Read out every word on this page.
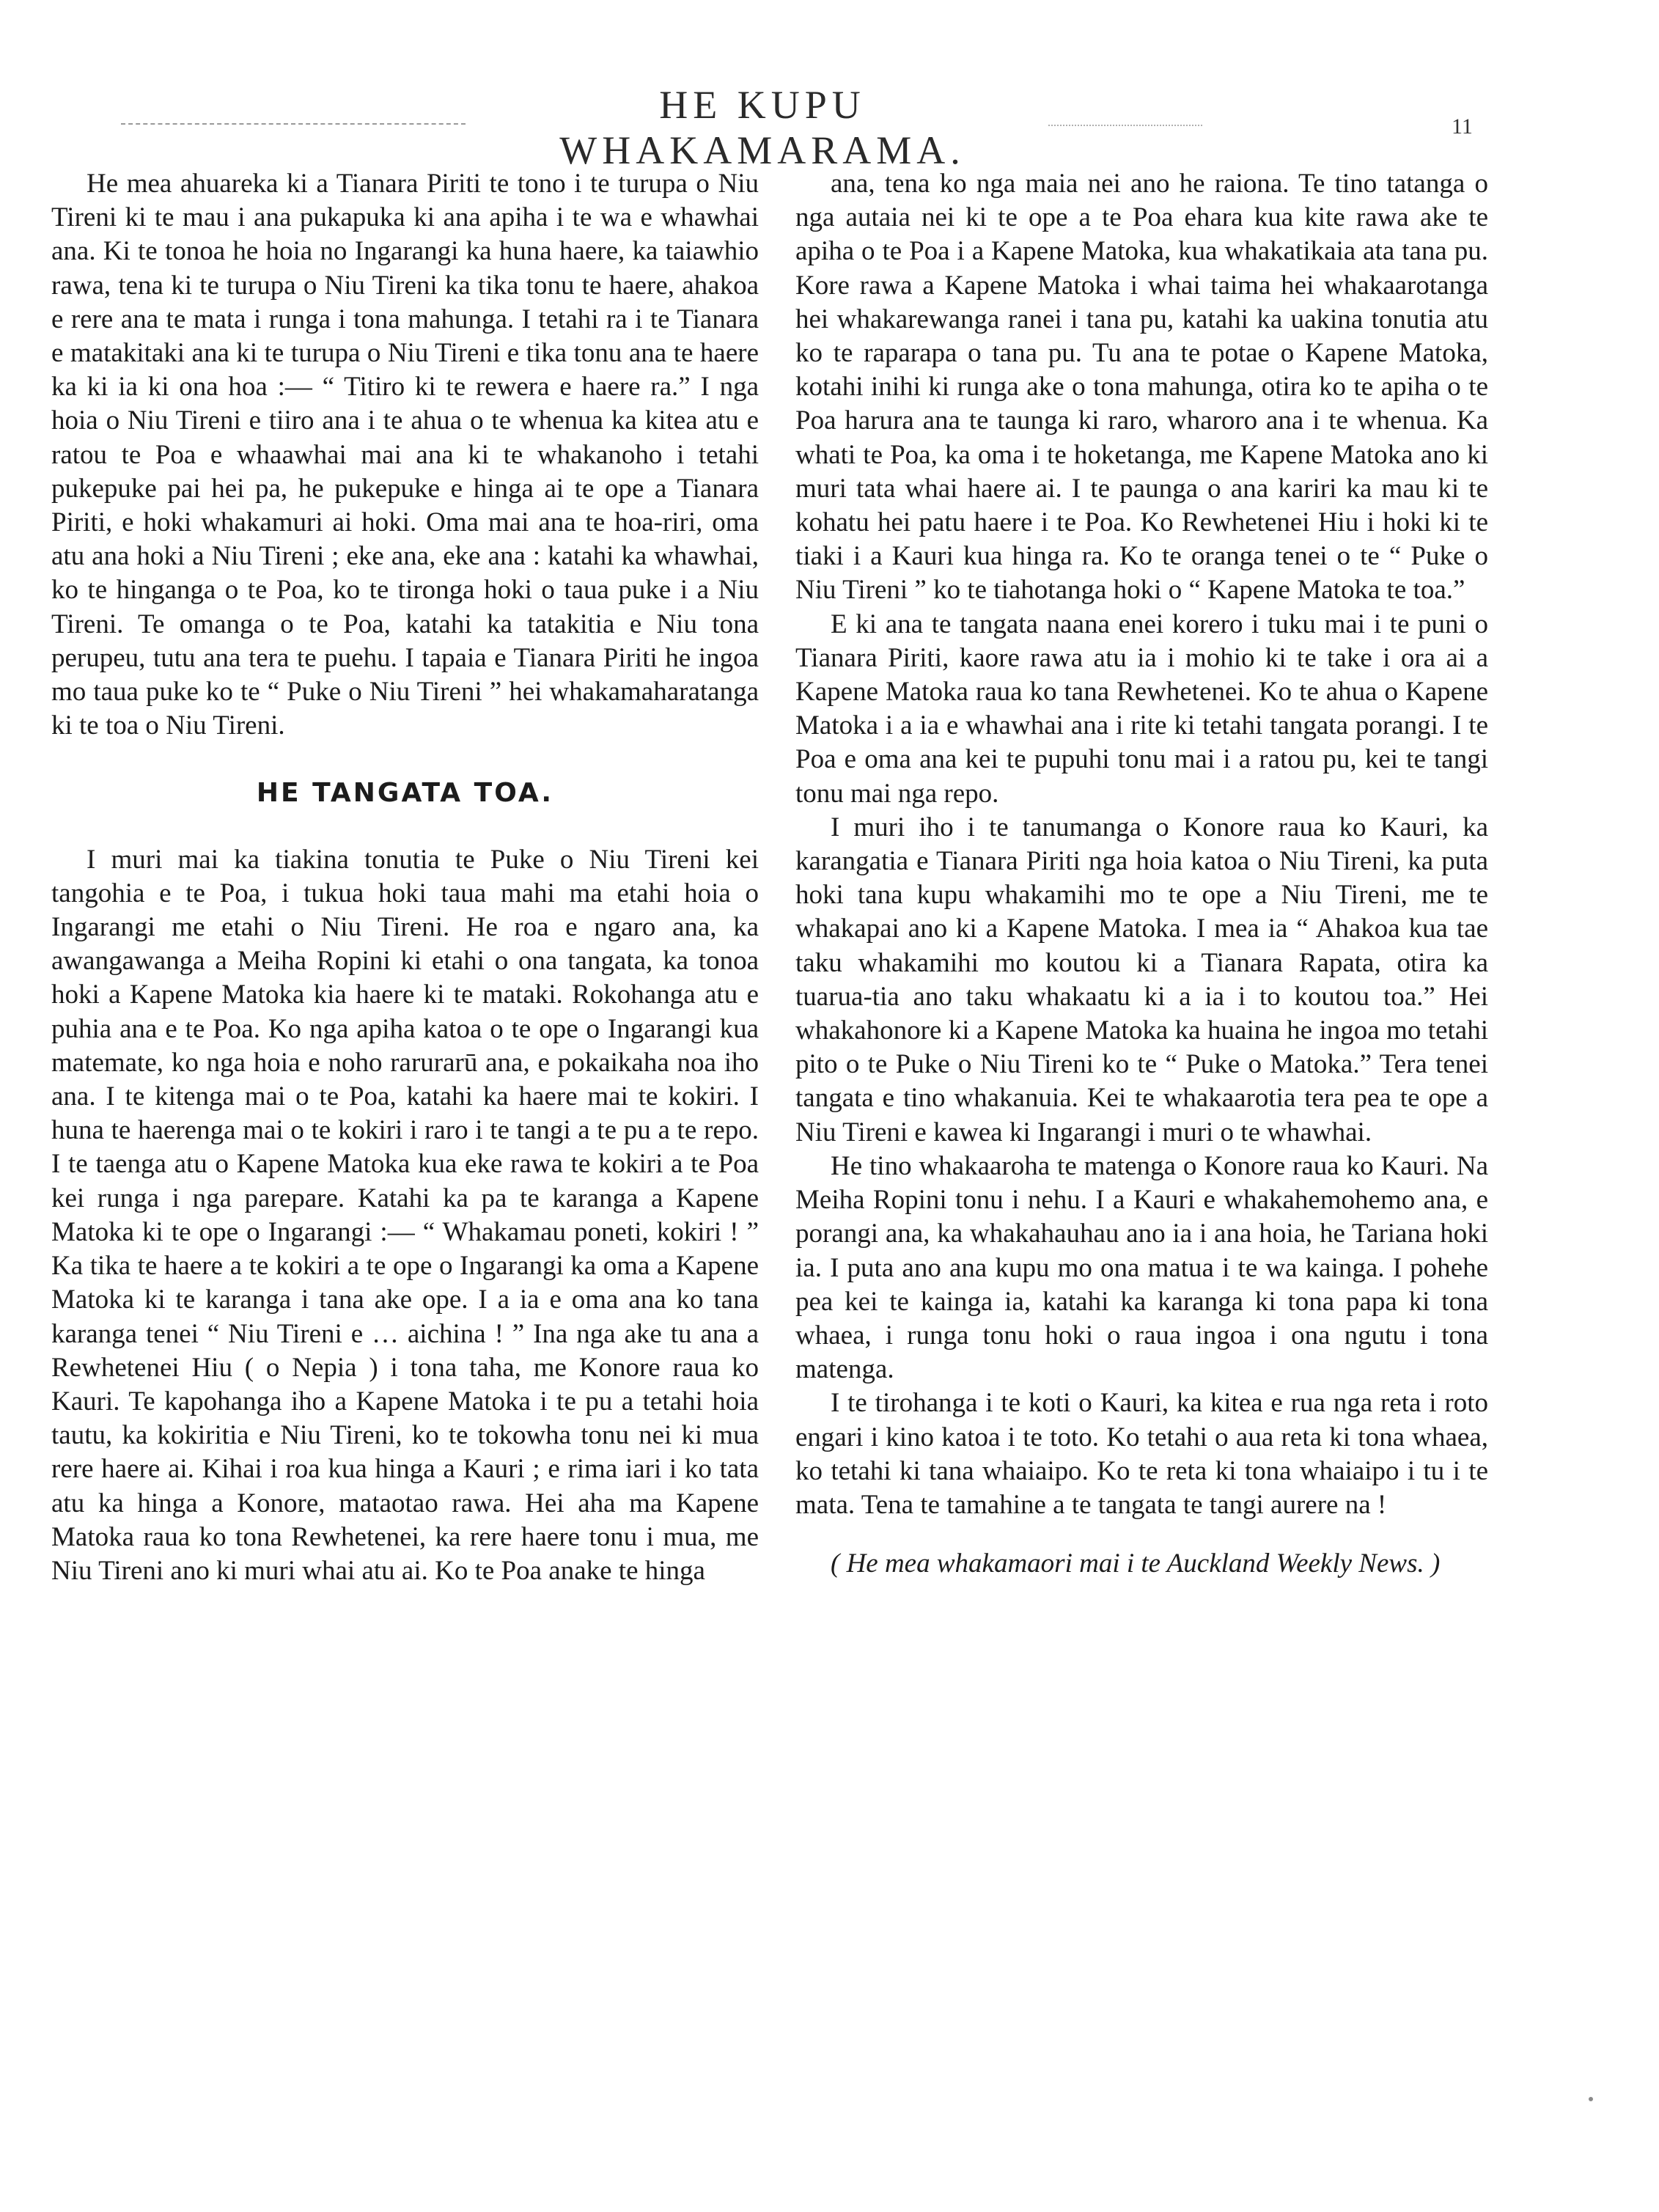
HE KUPU WHAKAMARAMA.
11

He mea ahuareka ki a Tianara Piriti te tono i te turupa o Niu Tireni ki te mau i ana pukapuka ki ana apiha i te wa e whawhai ana. Ki te tonoa he hoia no Ingarangi ka huna haere, ka taiawhio rawa, tena ki te turupa o Niu Tireni ka tika tonu te haere, ahakoa e rere ana te mata i runga i tona mahunga. I tetahi ra i te Tianara e matakitaki ana ki te turupa o Niu Tireni e tika tonu ana te haere ka ki ia ki ona hoa :— “ Titiro ki te rewera e haere ra.” I nga hoia o Niu Tireni e tiiro ana i te ahua o te whenua ka kitea atu e ratou te Poa e whaawhai mai ana ki te whakanoho i tetahi pukepuke pai hei pa, he pukepuke e hinga ai te ope a Tianara Piriti, e hoki whakamuri ai hoki. Oma mai ana te hoa-riri, oma atu ana hoki a Niu Tireni ; eke ana, eke ana : katahi ka whawhai, ko te hinganga o te Poa, ko te tironga hoki o taua puke i a Niu Tireni. Te omanga o te Poa, katahi ka tatakitia e Niu tona perupeu, tutu ana tera te puehu. I tapaia e Tianara Piriti he ingoa mo taua puke ko te “ Puke o Niu Tireni ” hei whakamaharatanga ki te toa o Niu Tireni.

HE TANGATA TOA.

I muri mai ka tiakina tonutia te Puke o Niu Tireni kei tangohia e te Poa, i tukua hoki taua mahi ma etahi hoia o Ingarangi me etahi o Niu Tireni. He roa e ngaro ana, ka awangawanga a Meiha Ropini ki etahi o ona tangata, ka tonoa hoki a Kapene Matoka kia haere ki te mataki. Rokohanga atu e puhia ana e te Poa. Ko nga apiha katoa o te ope o Ingarangi kua matemate, ko nga hoia e noho rarurarū ana, e pokaikaha noa iho ana. I te kitenga mai o te Poa, katahi ka haere mai te kokiri. I huna te haerenga mai o te kokiri i raro i te tangi a te pu a te repo. I te taenga atu o Kapene Matoka kua eke rawa te kokiri a te Poa kei runga i nga parepare. Katahi ka pa te karanga a Kapene Matoka ki te ope o Ingarangi :— “ Whakamau poneti, kokiri ! ” Ka tika te haere a te kokiri a te ope o Ingarangi ka oma a Kapene Matoka ki te karanga i tana ake ope. I a ia e oma ana ko tana karanga tenei “ Niu Tireni e … aichina ! ” Ina nga ake tu ana a Rewhetenei Hiu ( o Nepia ) i tona taha, me Konore raua ko Kauri. Te kapohanga iho a Kapene Matoka i te pu a tetahi hoia tautu, ka kokiritia e Niu Tireni, ko te tokowha tonu nei ki mua rere haere ai. Kihai i roa kua hinga a Kauri ; e rima iari i ko tata atu ka hinga a Konore, mataotao rawa. Hei aha ma Kapene Matoka raua ko tona Rewhetenei, ka rere haere tonu i mua, me Niu Tireni ano ki muri whai atu ai. Ko te Poa anake te hinga

ana, tena ko nga maia nei ano he raiona. Te tino tatanga o nga autaia nei ki te ope a te Poa ehara kua kite rawa ake te apiha o te Poa i a Kapene Matoka, kua whakatikaia ata tana pu. Kore rawa a Kapene Matoka i whai taima hei whakaarotanga hei whakarewanga ranei i tana pu, katahi ka uakina tonutia atu ko te raparapa o tana pu. Tu ana te potae o Kapene Matoka, kotahi inihi ki runga ake o tona mahunga, otira ko te apiha o te Poa harura ana te taunga ki raro, wharoro ana i te whenua. Ka whati te Poa, ka oma i te hoketanga, me Kapene Matoka ano ki muri tata whai haere ai. I te paunga o ana kariri ka mau ki te kohatu hei patu haere i te Poa. Ko Rewhetenei Hiu i hoki ki te tiaki i a Kauri kua hinga ra. Ko te oranga tenei o te “ Puke o Niu Tireni ” ko te tiahotanga hoki o “ Kapene Matoka te toa.”

E ki ana te tangata naana enei korero i tuku mai i te puni o Tianara Piriti, kaore rawa atu ia i mohio ki te take i ora ai a Kapene Matoka raua ko tana Rewhetenei. Ko te ahua o Kapene Matoka i a ia e whawhai ana i rite ki tetahi tangata porangi. I te Poa e oma ana kei te pupuhi tonu mai i a ratou pu, kei te tangi tonu mai nga repo.

I muri iho i te tanumanga o Konore raua ko Kauri, ka karangatia e Tianara Piriti nga hoia katoa o Niu Tireni, ka puta hoki tana kupu whakamihi mo te ope a Niu Tireni, me te whakapai ano ki a Kapene Matoka. I mea ia “ Ahakoa kua tae taku whakamihi mo koutou ki a Tianara Rapata, otira ka tuarua-tia ano taku whakaatu ki a ia i to koutou toa.” Hei whakahonore ki a Kapene Matoka ka huaina he ingoa mo tetahi pito o te Puke o Niu Tireni ko te “ Puke o Matoka.” Tera tenei tangata e tino whakanuia. Kei te whakaarotia tera pea te ope a Niu Tireni e kawea ki Ingarangi i muri o te whawhai.

He tino whakaaroha te matenga o Konore raua ko Kauri. Na Meiha Ropini tonu i nehu. I a Kauri e whakahemohemo ana, e porangi ana, ka whakahauhau ano ia i ana hoia, he Tariana hoki ia. I puta ano ana kupu mo ona matua i te wa kainga. I pohehe pea kei te kainga ia, katahi ka karanga ki tona papa ki tona whaea, i runga tonu hoki o raua ingoa i ona ngutu i tona matenga.

I te tirohanga i te koti o Kauri, ka kitea e rua nga reta i roto engari i kino katoa i te toto. Ko tetahi o aua reta ki tona whaea, ko tetahi ki tana whaiaipo. Ko te reta ki tona whaiaipo i tu i te mata. Tena te tamahine a te tangata te tangi aurere na !

( He mea whakamaori mai i te Auckland Weekly News. )
